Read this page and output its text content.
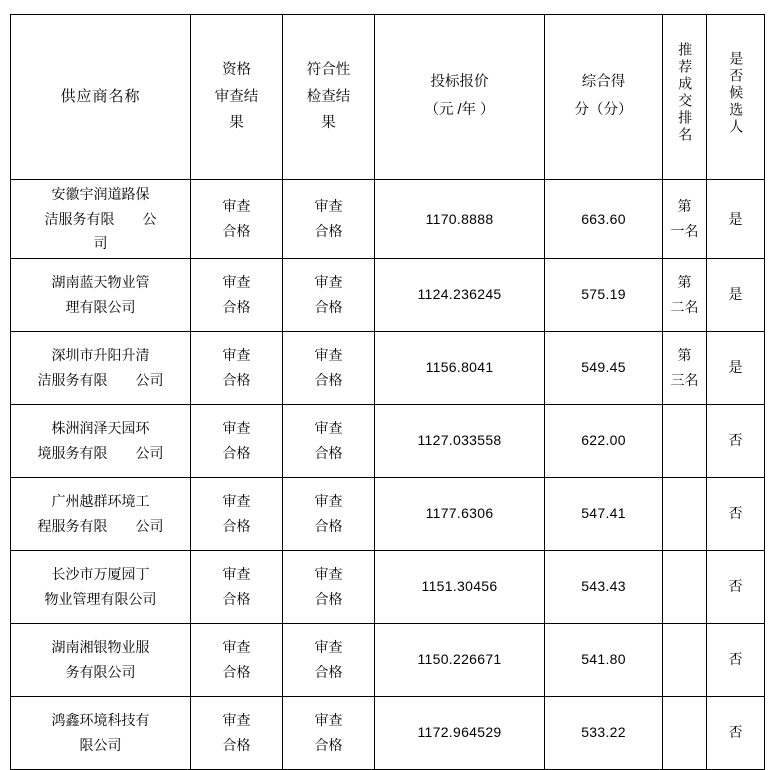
供应商名称	资格
审查结
果	符合性
检查结
果	投标报价
（元 /年 ）	综合得
分（分）	推荐成交排名	是否候选人

安徽宇润道路保
洁服务有限　　公
司	审查
合格	审查
合格	1170.8888	663.60	第
一名	是

湖南蓝天物业管
理有限公司	审查
合格	审查
合格	1124.236245	575.19	第
二名	是

深圳市升阳升清
洁服务有限　　公司	审查
合格	审查
合格	1156.8041	549.45	第
三名	是

株洲润泽天园环
境服务有限　　公司	审查
合格	审查
合格	1127.033558	622.00		否

广州越群环境工
程服务有限　　公司	审查
合格	审查
合格	1177.6306	547.41		否

长沙市万厦园丁
物业管理有限公司	审查
合格	审查
合格	1151.30456	543.43		否

湖南湘银物业服
务有限公司	审查
合格	审查
合格	1150.226671	541.80		否

鸿鑫环境科技有
限公司	审查
合格	审查
合格	1172.964529	533.22		否
